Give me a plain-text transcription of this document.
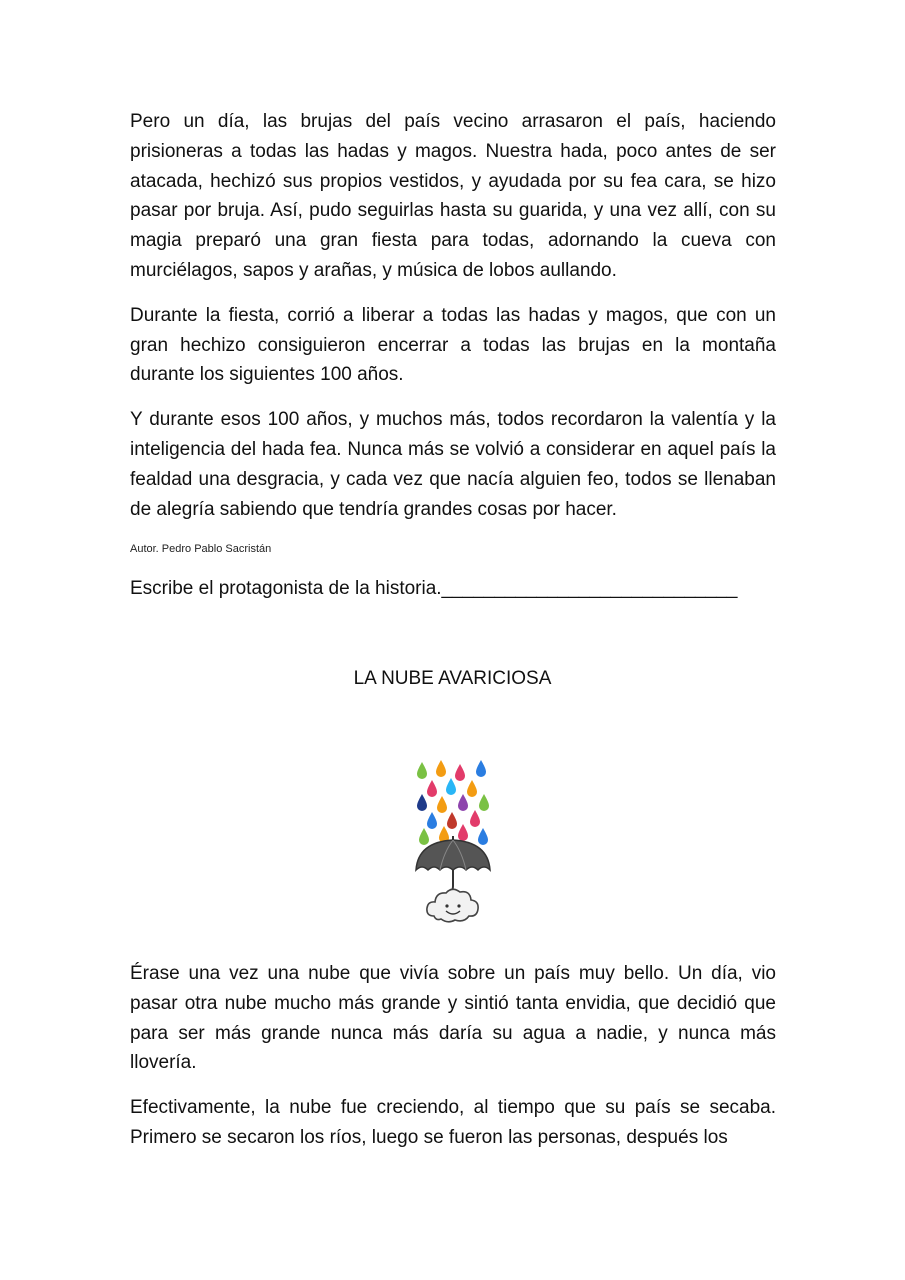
Pero un día, las brujas del país vecino arrasaron el país, haciendo prisioneras a todas las hadas y magos. Nuestra hada, poco antes de ser atacada, hechizó sus propios vestidos, y ayudada por su fea cara, se hizo pasar por bruja. Así, pudo seguirlas hasta su guarida, y una vez allí, con su magia preparó una gran fiesta para todas, adornando la cueva con murciélagos, sapos y arañas, y música de lobos aullando.

Durante la fiesta, corrió a liberar a todas las hadas y magos, que con un gran hechizo consiguieron encerrar a todas las brujas en la montaña durante los siguientes 100 años.

Y durante esos 100 años, y muchos más, todos recordaron la valentía y la inteligencia del hada fea. Nunca más se volvió a considerar en aquel país la fealdad una desgracia, y cada vez que nacía alguien feo, todos se llenaban de alegría sabiendo que tendría grandes cosas por hacer.

Autor. Pedro Pablo Sacristán

Escribe el protagonista de la historia.____________________________

LA NUBE AVARICIOSA

Érase una vez una nube que vivía sobre un país muy bello. Un día, vio pasar otra nube mucho más grande y sintió tanta envidia, que decidió que para ser más grande nunca más daría su agua a nadie, y nunca más llovería.

Efectivamente, la nube fue creciendo, al tiempo que su país se secaba. Primero se secaron los ríos, luego se fueron las personas, después los
